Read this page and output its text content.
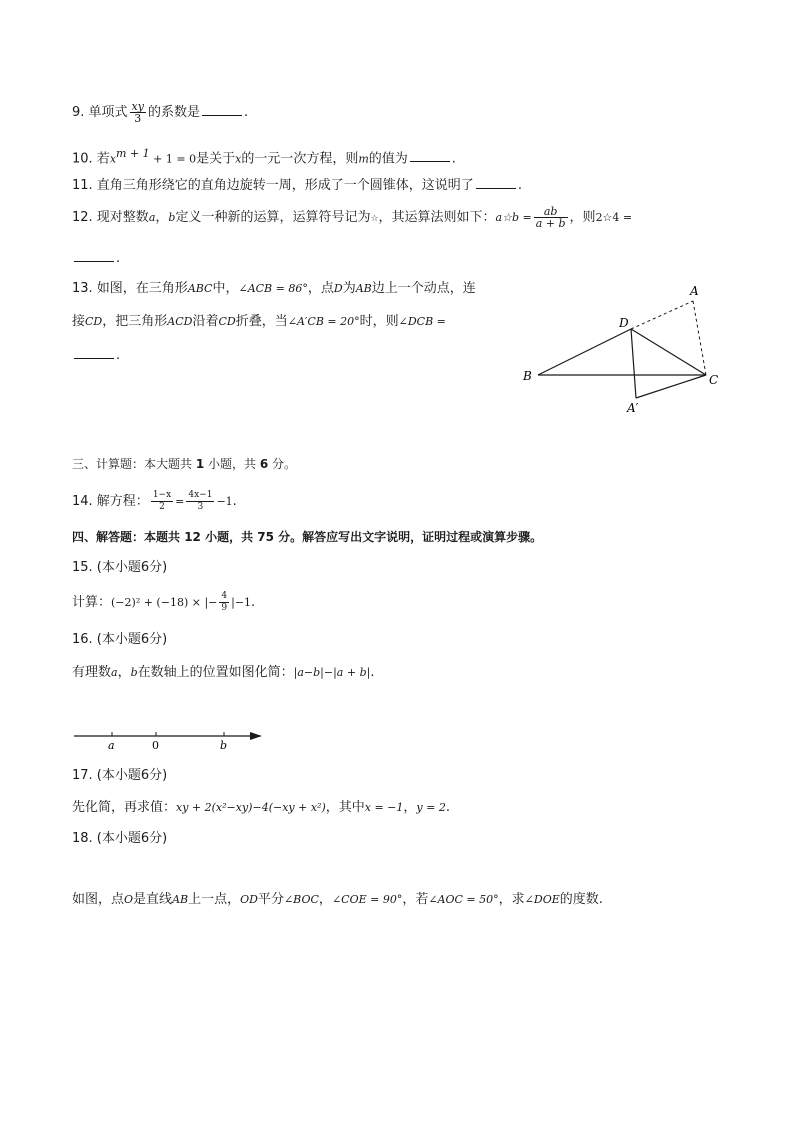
9. 单项式 $\frac{xy}{3}$ 的系数是	.
10. 若$x^{m + 1} + 1 = 0$是关于x的一元一次方程，则m的值为	.
11. 直角三角形绕它的直角边旋转一周，形成了一个圆锥体，这说明了	.
12. 现对整数a，b定义一种新的运算，运算符号记为☆，其运算法则如下：a☆b = $\frac{ab}{a + b}$ ，则2☆4 =
.
13. 如图，在三角形ABC中，∠ACB = 86°，点D为AB边上一个动点，连
接CD，把三角形ACD沿着CD折叠，当∠A′CB = 20°时，则∠DCB =
.
A
B	C
D
A′
三、计算题：本大题共 1 小题，共 6 分。
14. 解方程： $\frac{1-x}{2} = \frac{4x-1}{3} -1$.
四、解答题：本题共 12 小题，共 75 分。解答应写出文字说明，证明过程或演算步骤。
15. (本小题6分)
计算：(−2)² + (−18) × |− $\frac{4}{9} |-1$.
16. (本小题6分)
有理数a，b在数轴上的位置如图化简：|a−b|−|a + b|.
a	0	b
17. (本小题6分)
先化简，再求值：xy + 2(x²−xy)−4(−xy + x²)，其中x = −1，y = 2.
18. (本小题6分)
如图，点O是直线AB上一点，OD平分∠BOC，∠COE = 90°，若∠AOC = 50°，求∠DOE的度数.
